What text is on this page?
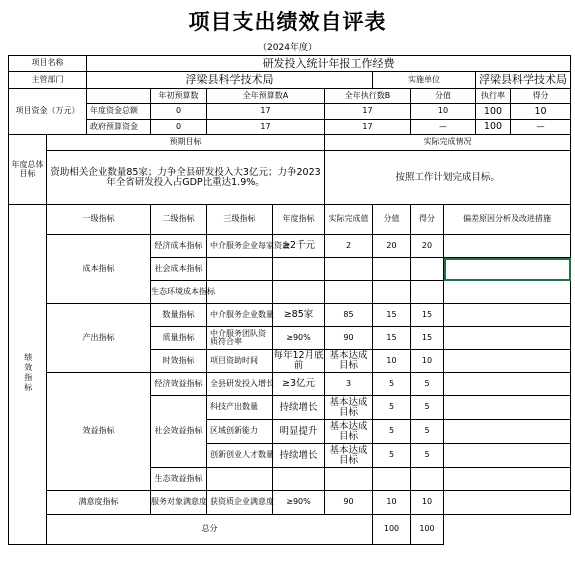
项目支出绩效自评表
（2024年度）
项目名称		研发投入统计年报工作经费									
主管部门		浮梁县科学技术局					实施单位			浮梁县科学技术局	
项目资金（万元）			年初预算数	全年预算数A		全年执行数B		分值		执行率	得分
		年度资金总额	0	17		17		10		100	10
		政府预算资金	0	17		17		—		100	—
年度总体目标	预期目标					实际完成情况					
	资助相关企业数量85家；力争全县研发投入大3亿元；力争2023年全省研发投入占GDP比重达1.9%。					按照工作计划完成目标。					
绩效指标	一级指标		二级指标	三级指标	年度指标	实际完成值	分值	得分	偏差原因分析及改进措施		
	成本指标		经济成本指标	中介服务企业每家资金	≥2千元	2	20	20			
			社会成本指标								
			生态环境成本指标								
	产出指标		数量指标	中介服务企业数量	≥85家	85	15	15			
			质量指标	中介服务团队资质符合率	≥90%	90	15	15			
			时效指标	项目资助时间	每年12月底前	基本达成目标	10	10			
	效益指标		经济效益指标	全县研发投入增长	≥3亿元	3	5	5			
			社会效益指标	科技产出数量	持续增长	基本达成目标	5	5			
				区域创新能力	明显提升	基本达成目标	5	5			
				创新创业人才数量	持续增长	基本达成目标	5	5			
			生态效益指标								
	满意度指标		服务对象满意度	获资质企业满意度	≥90%	90	10	10			
	总分						100	100			
